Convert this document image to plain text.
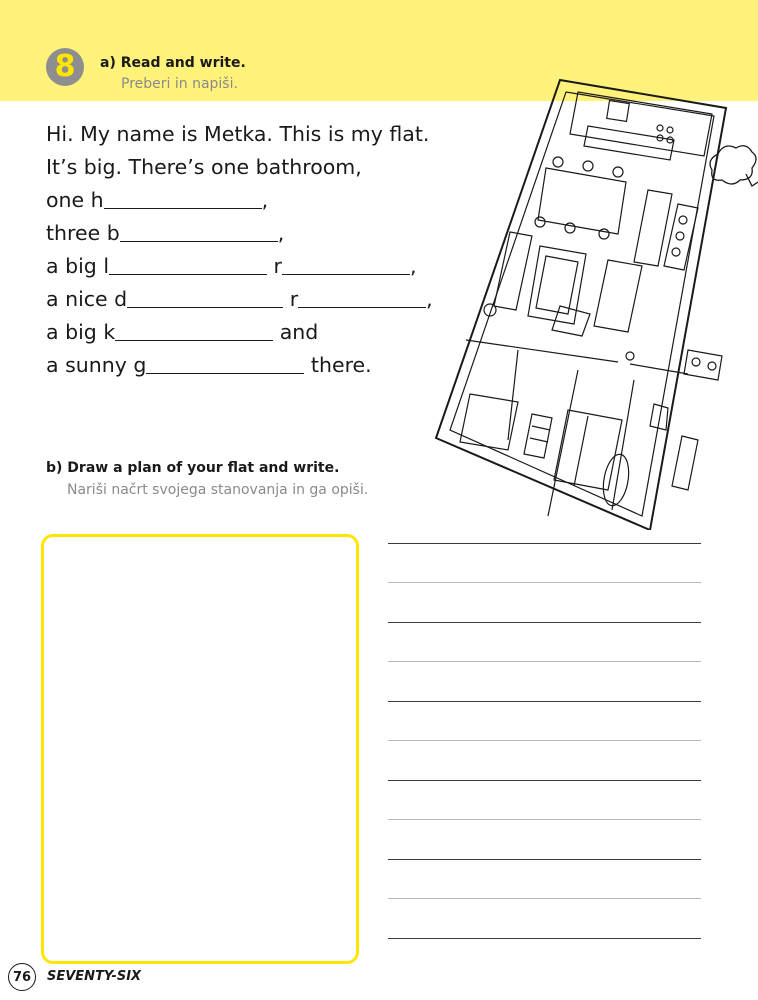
8	a) Read and write.
Preberi in napiši.
Hi. My name is Metka. This is my flat.
It’s big. There’s one bathroom,
one h	,
three b	,
a big l	r	,
a nice d	r	,
a big k	and
a sunny g	there.
b) Draw a plan of your flat and write.
Nariši načrt svojega stanovanja in ga opiši.
76	SEVENTY-SIX
